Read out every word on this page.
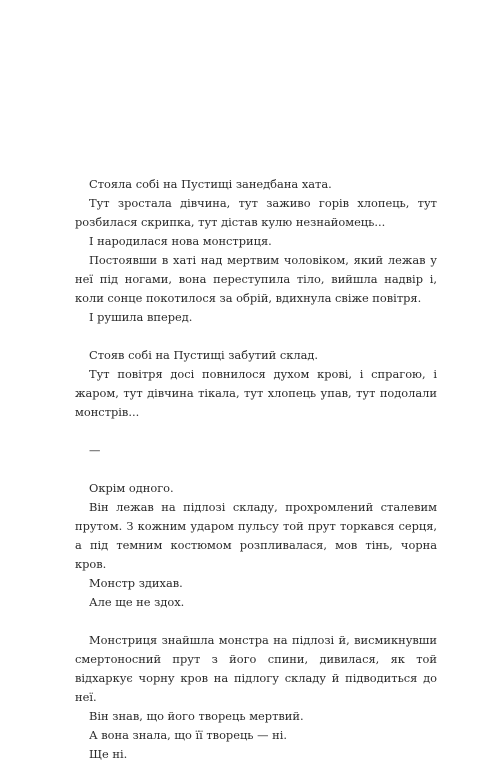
Стояла собі на Пустищі занедбана хата.

Тут зростала дівчина, тут заживо горів хлопець, тут розбилася скрипка, тут дістав кулю незнайомець...

І народилася нова монстриця.

Постоявши в хаті над мертвим чоловіком, який лежав у неї під ногами, вона переступила тіло, вийшла надвір і, коли сонце покотилося за обрій, вдихнула свіже повітря.

І рушила вперед.

Стояв собі на Пустищі забутий склад.

Тут повітря досі повнилося духом крові, і спрагою, і жаром, тут дівчина тікала, тут хлопець упав, тут подолали монстрів...

—

Окрім одного.

Він лежав на підлозі складу, прохромлений сталевим прутом. З кожним ударом пульсу той прут торкався серця, а під темним костюмом розпливалася, мов тінь, чорна кров.

Монстр здихав.

Але ще не здох.

Монстриця знайшла монстра на підлозі й, висмикнувши смертоносний прут з його спини, дивилася, як той відхаркує чорну кров на підлогу складу й підводиться до неї.

Він знав, що його творець мертвий.

А вона знала, що її творець — ні.

Ще ні.
